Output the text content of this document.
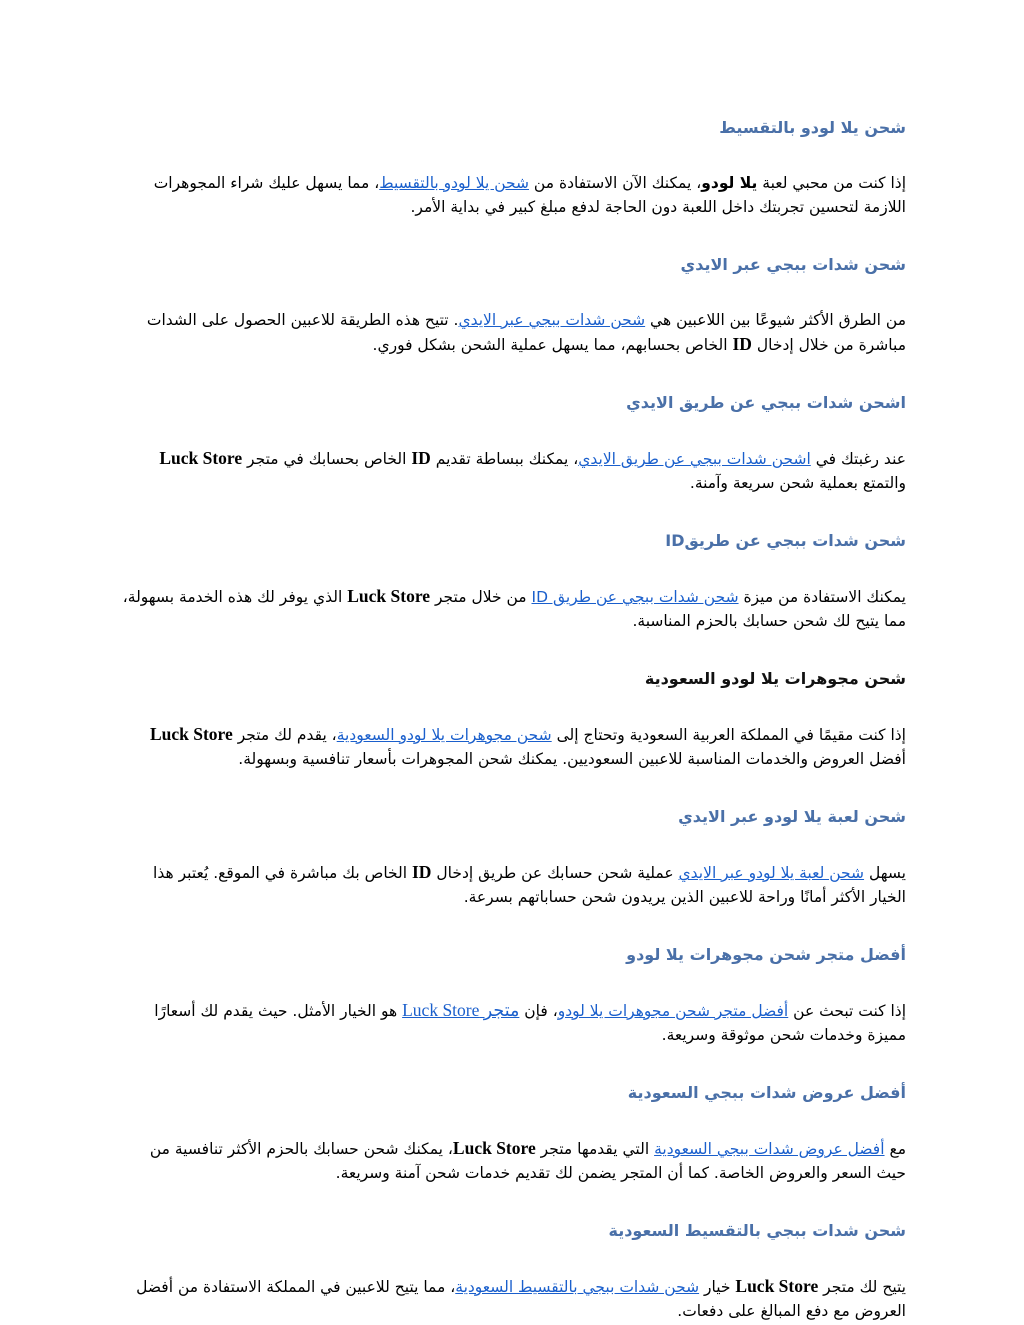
شحن يلا لودو بالتقسيط

إذا كنت من محبي لعبة يلا لودو، يمكنك الآن الاستفادة من شحن يلا لودو بالتقسيط، مما يسهل عليك شراء المجوهرات اللازمة لتحسين تجربتك داخل اللعبة دون الحاجة لدفع مبلغ كبير في بداية الأمر.

شحن شدات ببجي عبر الايدي

من الطرق الأكثر شيوعًا بين اللاعبين هي شحن شدات ببجي عبر الايدي. تتيح هذه الطريقة للاعبين الحصول على الشدات مباشرة من خلال إدخال ID الخاص بحسابهم، مما يسهل عملية الشحن بشكل فوري.

اشحن شدات ببجي عن طريق الايدي

عند رغبتك في اشحن شدات ببجي عن طريق الايدي، يمكنك ببساطة تقديم ID الخاص بحسابك في متجر Luck Store والتمتع بعملية شحن سريعة وآمنة.

شحن شدات ببجي عن طريقID

يمكنك الاستفادة من ميزة شحن شدات ببجي عن طريق ID من خلال متجر Luck Store الذي يوفر لك هذه الخدمة بسهولة، مما يتيح لك شحن حسابك بالحزم المناسبة.

شحن مجوهرات يلا لودو السعودية

إذا كنت مقيمًا في المملكة العربية السعودية وتحتاج إلى شحن مجوهرات يلا لودو السعودية، يقدم لك متجر Luck Store أفضل العروض والخدمات المناسبة للاعبين السعوديين. يمكنك شحن المجوهرات بأسعار تنافسية وبسهولة.

شحن لعبة يلا لودو عبر الايدي

يسهل شحن لعبة يلا لودو عبر الايدي عملية شحن حسابك عن طريق إدخال ID الخاص بك مباشرة في الموقع. يُعتبر هذا الخيار الأكثر أمانًا وراحة للاعبين الذين يريدون شحن حساباتهم بسرعة.

أفضل متجر شحن مجوهرات يلا لودو

إذا كنت تبحث عن أفضل متجر شحن مجوهرات يلا لودو، فإن متجر Luck Store هو الخيار الأمثل. حيث يقدم لك أسعارًا مميزة وخدمات شحن موثوقة وسريعة.

أفضل عروض شدات ببجي السعودية

مع أفضل عروض شدات ببجي السعودية التي يقدمها متجر Luck Store، يمكنك شحن حسابك بالحزم الأكثر تنافسية من حيث السعر والعروض الخاصة. كما أن المتجر يضمن لك تقديم خدمات شحن آمنة وسريعة.

شحن شدات ببجي بالتقسيط السعودية

يتيح لك متجر Luck Store خيار شحن شدات ببجي بالتقسيط السعودية، مما يتيح للاعبين في المملكة الاستفادة من أفضل العروض مع دفع المبالغ على دفعات.
